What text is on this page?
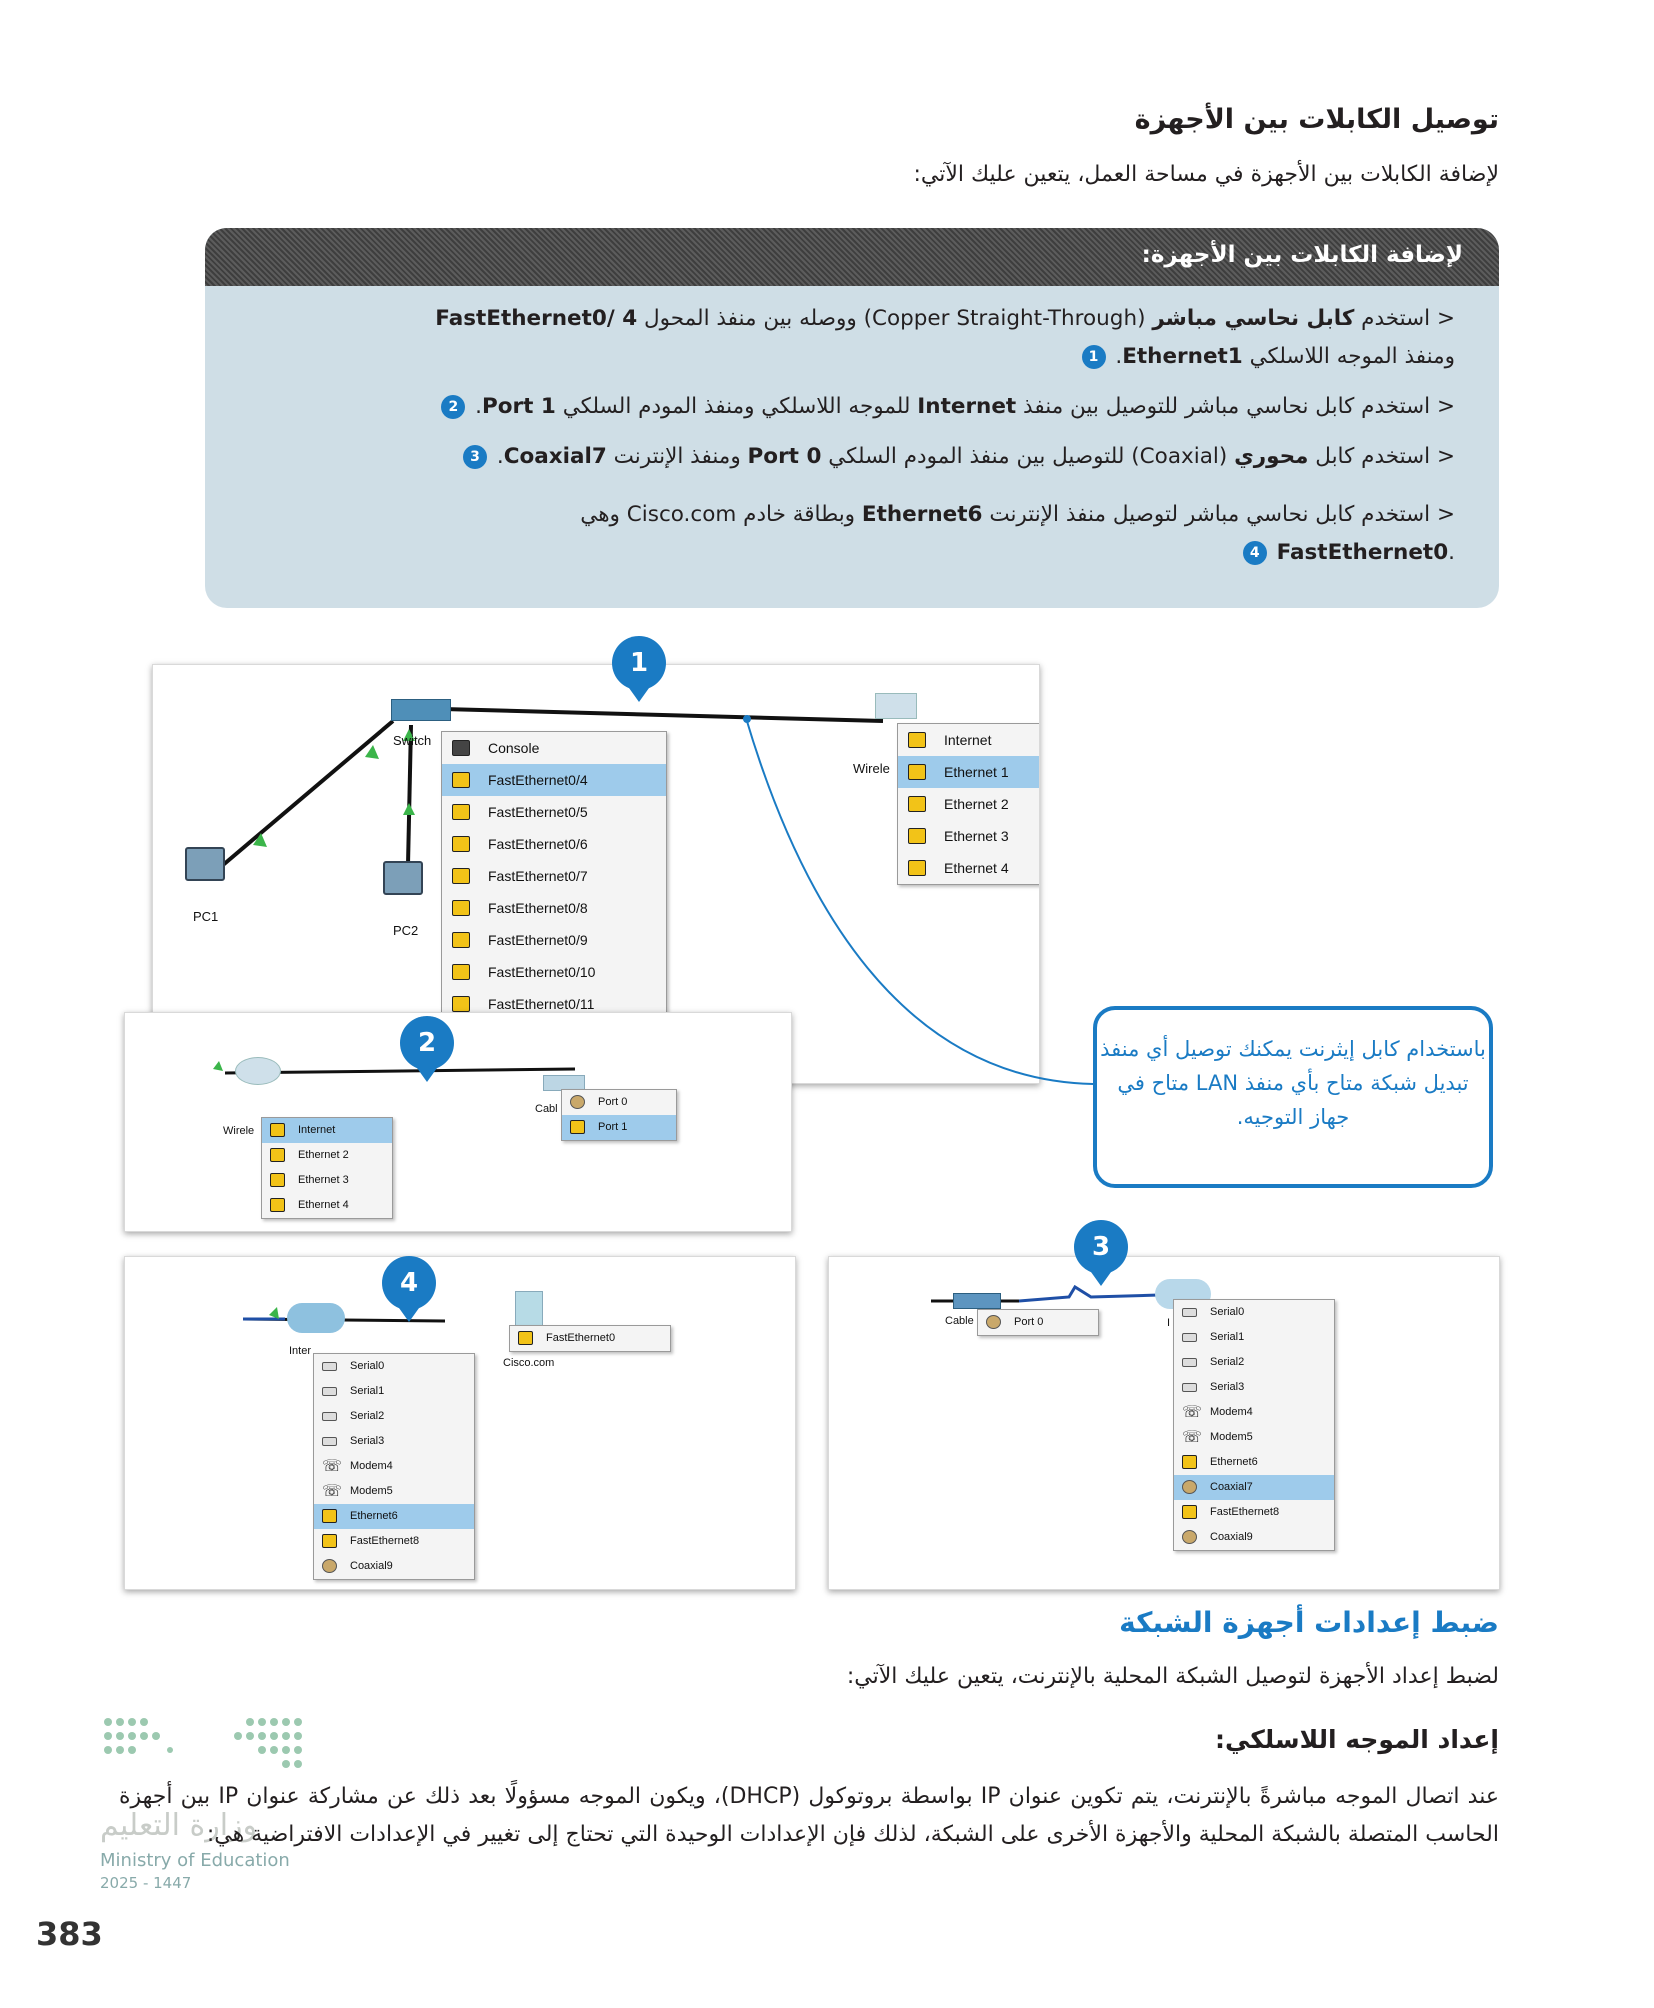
توصيل الكابلات بين الأجهزة
لإضافة الكابلات بين الأجهزة في مساحة العمل، يتعين عليك الآتي:
لإضافة الكابلات بين الأجهزة:
< استخدم كابل نحاسي مباشر (Copper Straight-Through) ووصله بين منفذ المحول FastEthernet0/ 4
ومنفذ الموجه اللاسلكي Ethernet1. 1
< استخدم كابل نحاسي مباشر للتوصيل بين منفذ Internet للموجه اللاسلكي ومنفذ المودم السلكي Port 1. 2
< استخدم كابل محوري (Coaxial) للتوصيل بين منفذ المودم السلكي Port 0 ومنفذ الإنترنت Coaxial7. 3
< استخدم كابل نحاسي مباشر لتوصيل منفذ الإنترنت Ethernet6 وبطاقة خادم Cisco.com وهي
.FastEthernet0 4
Switch
PC1
PC2
Wirele
Console
FastEthernet0/4
FastEthernet0/5
FastEthernet0/6
FastEthernet0/7
FastEthernet0/8
FastEthernet0/9
FastEthernet0/10
FastEthernet0/11
Internet
Ethernet 1
Ethernet 2
Ethernet 3
Ethernet 4
Wirele
Cabl
Internet
Ethernet 2
Ethernet 3
Ethernet 4
Port 0
Port 1
باستخدام كابل إيثرنت يمكنك توصيل أي منفذ تبديل شبكة متاح بأي منفذ LAN متاح في جهاز التوجيه.
Inter
Cisco.com
FastEthernet0
Serial0
Serial1
Serial2
Serial3
☏ Modem4
☏ Modem5
Ethernet6
FastEthernet8
Coaxial9
Cable	I
Port 0
Serial0
Serial1
Serial2
Serial3
☏ Modem4
☏ Modem5
Ethernet6
Coaxial7
FastEthernet8
Coaxial9
1
2
3
4
ضبط إعدادات أجهزة الشبكة
لضبط إعداد الأجهزة لتوصيل الشبكة المحلية بالإنترنت، يتعين عليك الآتي:
إعداد الموجه اللاسلكي:
وزارة التعليم
Ministry of Education
2025 - 1447
عند اتصال الموجه مباشرةً بالإنترنت، يتم تكوين عنوان IP بواسطة بروتوكول (DHCP)، ويكون الموجه مسؤولًا بعد ذلك عن مشاركة عنوان IP بين أجهزة الحاسب المتصلة بالشبكة المحلية والأجهزة الأخرى على الشبكة، لذلك فإن الإعدادات الوحيدة التي تحتاج إلى تغيير في الإعدادات الافتراضية هي:
383
